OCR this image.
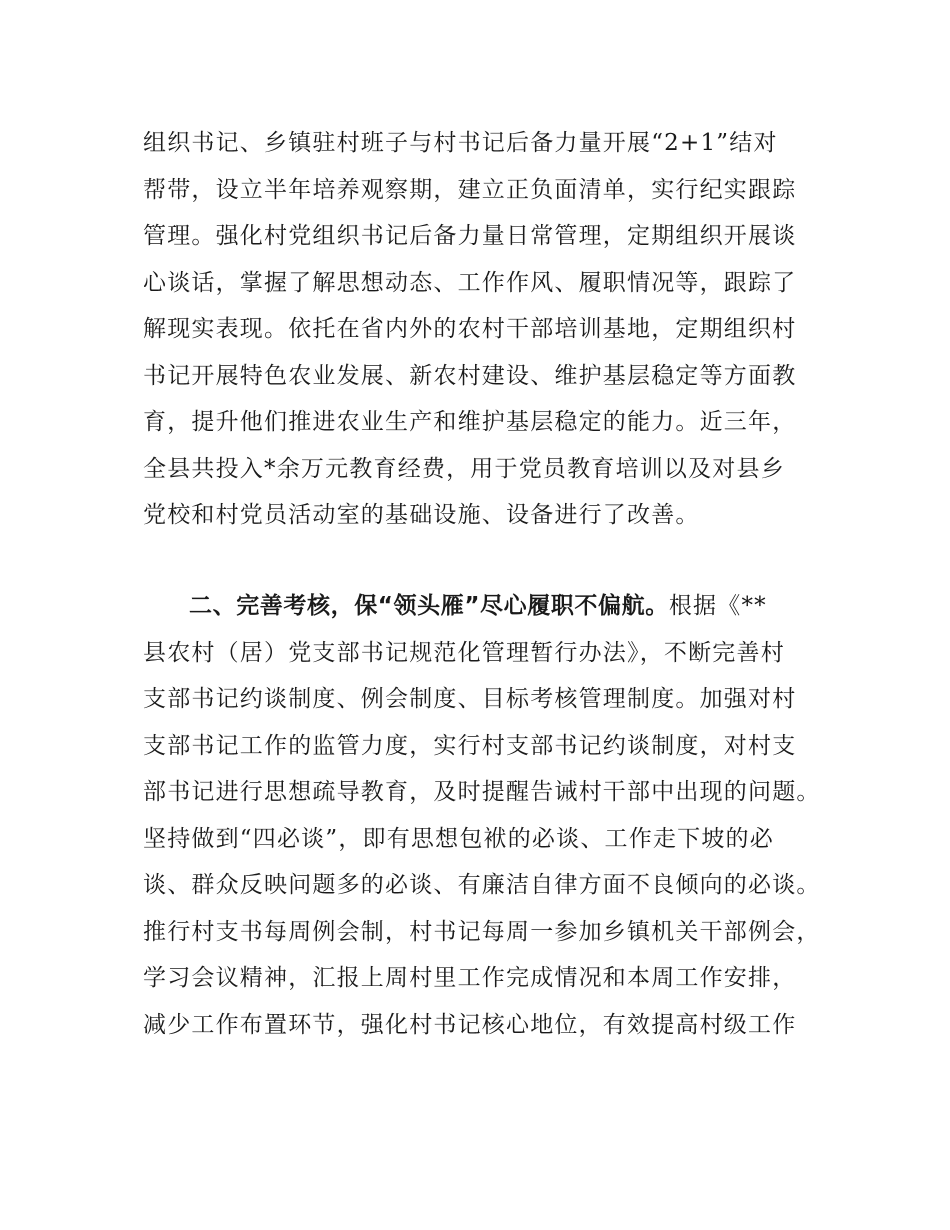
组织书记、乡镇驻村班子与村书记后备力量开展“2+1”结对
帮带，设立半年培养观察期，建立正负面清单，实行纪实跟踪
管理。强化村党组织书记后备力量日常管理，定期组织开展谈
心谈话，掌握了解思想动态、工作作风、履职情况等，跟踪了
解现实表现。依托在省内外的农村干部培训基地，定期组织村
书记开展特色农业发展、新农村建设、维护基层稳定等方面教
育，提升他们推进农业生产和维护基层稳定的能力。近三年，
全县共投入*余万元教育经费，用于党员教育培训以及对县乡
党校和村党员活动室的基础设施、设备进行了改善。
二、完善考核，保“领头雁”尽心履职不偏航。根据《**
县农村（居）党支部书记规范化管理暂行办法》，不断完善村
支部书记约谈制度、例会制度、目标考核管理制度。加强对村
支部书记工作的监管力度，实行村支部书记约谈制度，对村支
部书记进行思想疏导教育，及时提醒告诫村干部中出现的问题。
坚持做到“四必谈”，即有思想包袱的必谈、工作走下坡的必
谈、群众反映问题多的必谈、有廉洁自律方面不良倾向的必谈。
推行村支书每周例会制，村书记每周一参加乡镇机关干部例会，
学习会议精神，汇报上周村里工作完成情况和本周工作安排，
减少工作布置环节，强化村书记核心地位，有效提高村级工作
